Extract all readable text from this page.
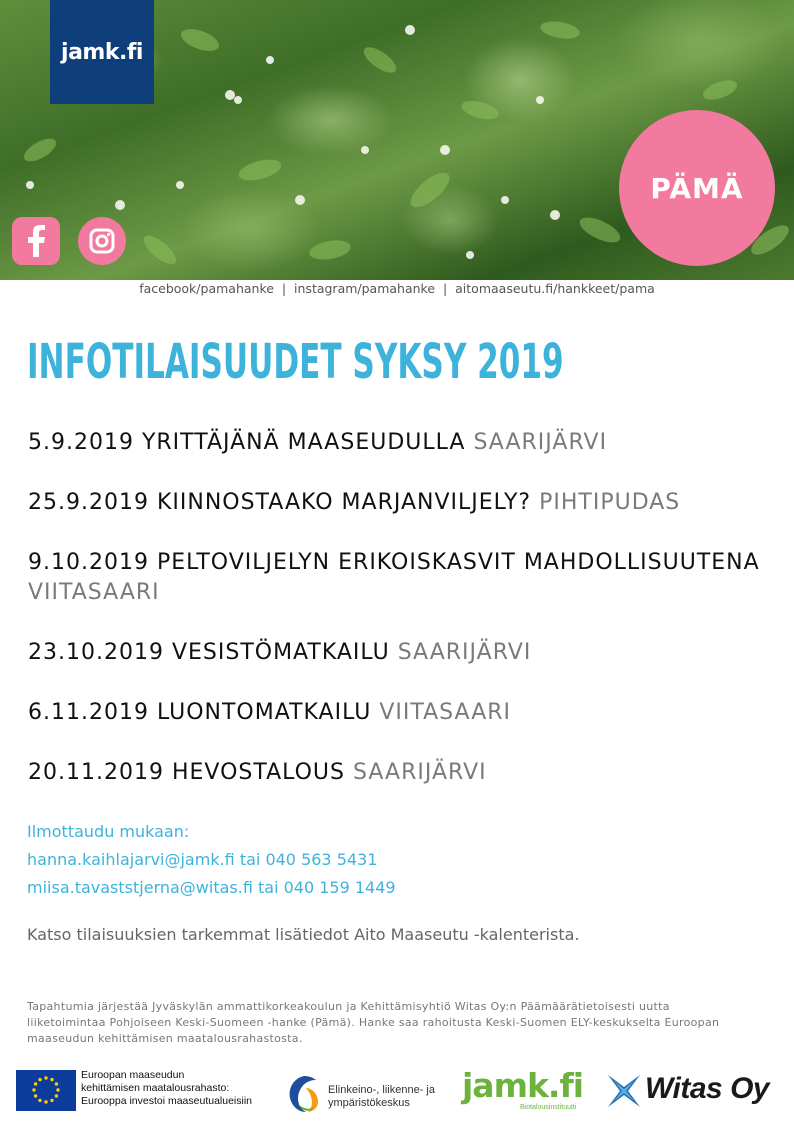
jamk.fi
PÄMÄ
facebook/pamahanke  |  instagram/pamahanke  |  aitomaaseutu.fi/hankkeet/pama
INFOTILAISUUDET SYKSY 2019
5.9.2019 YRITTÄJÄNÄ MAASEUDULLA SAARIJÄRVI
25.9.2019 KIINNOSTAAKO MARJANVILJELY? PIHTIPUDAS
9.10.2019 PELTOVILJELYN ERIKOISKASVIT MAHDOLLISUUTENA VIITASAARI
23.10.2019 VESISTÖMATKAILU SAARIJÄRVI
6.11.2019 LUONTOMATKAILU VIITASAARI
20.11.2019 HEVOSTALOUS SAARIJÄRVI
Ilmottaudu mukaan:
hanna.kaihlajarvi@jamk.fi tai 040 563 5431
miisa.tavaststjerna@witas.fi tai 040 159 1449
Katso tilaisuuksien tarkemmat lisätiedot Aito Maaseutu -kalenterista.
Tapahtumia järjestää Jyväskylän ammattikorkeakoulun ja Kehittämisyhtiö Witas Oy:n Päämäärätietoisesti uutta liiketoimintaa Pohjoiseen Keski-Suomeen -hanke (Pämä). Hanke saa rahoitusta Keski-Suomen ELY-keskukselta Euroopan maaseudun kehittämisen maatalousrahastosta.
Euroopan maaseudun
kehittämisen maatalousrahasto:
Eurooppa investoi maaseutualueisiin
Elinkeino-, liikenne- ja
ympäristökeskus	jamk.fi
Biotalousinstituutti
Witas Oy
